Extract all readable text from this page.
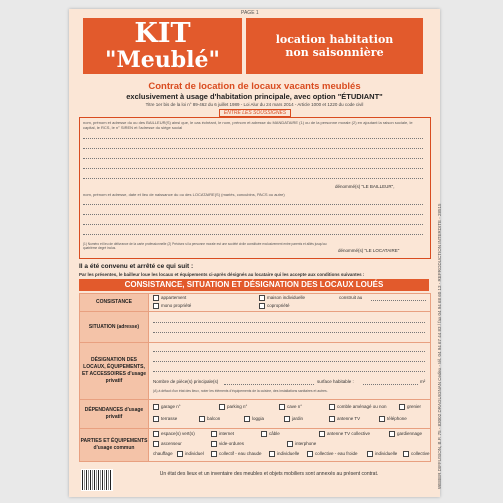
PAGE 1
KIT
"Meublé"
location habitation
non saisonnière
Contrat de location de locaux vacants meublés
exclusivement à usage d'habitation principale, avec option "ÉTUDIANT"
Titre 1er bis de la loi n° 89-462 du 6 juillet 1989 - Loi Alur du 24 mars 2014 - Article 1000 et 1220 du code civil
ENTRE LES SOUSSIGNÉS
nom, prénom et adresse du ou des BAILLEUR(S) ainsi que, le cas échéant, le nom, prénom et adresse du MANDATAIRE (1) ou de la personne morale (2) en ajoutant la raison sociale, le capital, le RCS, le n° SIREN et l'adresse du siège social
dénommé(s) "LE BAILLEUR",
nom, prénom et adresse, date et lieu de naissance du ou des LOCATAIRE(S) (mariés, concubins, PACS ou autre)
(1) Numéro et lieu de délivrance de la carte professionnelle (2) Précisez si la personne morale est une société civile constituée exclusivement entre parents et alliés jusqu'au quatrième degré inclus.	dénommé(s) "LE LOCATAIRE"
Il a été convenu et arrêté ce qui suit :
Par les présentes, le bailleur loue les locaux et équipements ci-après désignés au locataire qui les accepte aux conditions suivantes :
CONSISTANCE, SITUATION ET DÉSIGNATION DES LOCAUX LOUÉS
CONSISTANCE
appartement
mono propriété
maison individuelle
copropriété
construit au
SITUATION (adresse)
DÉSIGNATION DES LOCAUX, ÉQUIPEMENTS, ET ACCESSOIRES d'usage privatif	Nombre de pièce(s) principale(s)	surface habitable :	m²
(A) à défaut d'un état des lieux, noter les éléments d'équipements de la cuisine, des installations sanitaires et autres.
DÉPENDANCES d'usage privatif
garage n°	parking n°	cave n°	comble aménagé ou non	grenier
terrasse	balcon	loggia	jardin	antenne TV	téléphone
PARTIES ET ÉQUIPEMENTS d'usage commun
espace(s) vert(s)	internet	câble	antenne TV collective	gardiennage
ascenseur	vide-ordures	interphone
chauffage	individuel	collectif - eau chaude	individuelle	collective - eau froide	individuelle	collective
Un état des lieux et un inventaire des meubles et objets mobiliers sont annexés au présent contrat.	WEBER DIFFUSION, B.P. 75 - 83002 DRAGUIGNAN Cedex - tél. 04 94 67 44 83 / fax 04 94 68 60 13 - REPRODUCTION INTERDITE - 28515
